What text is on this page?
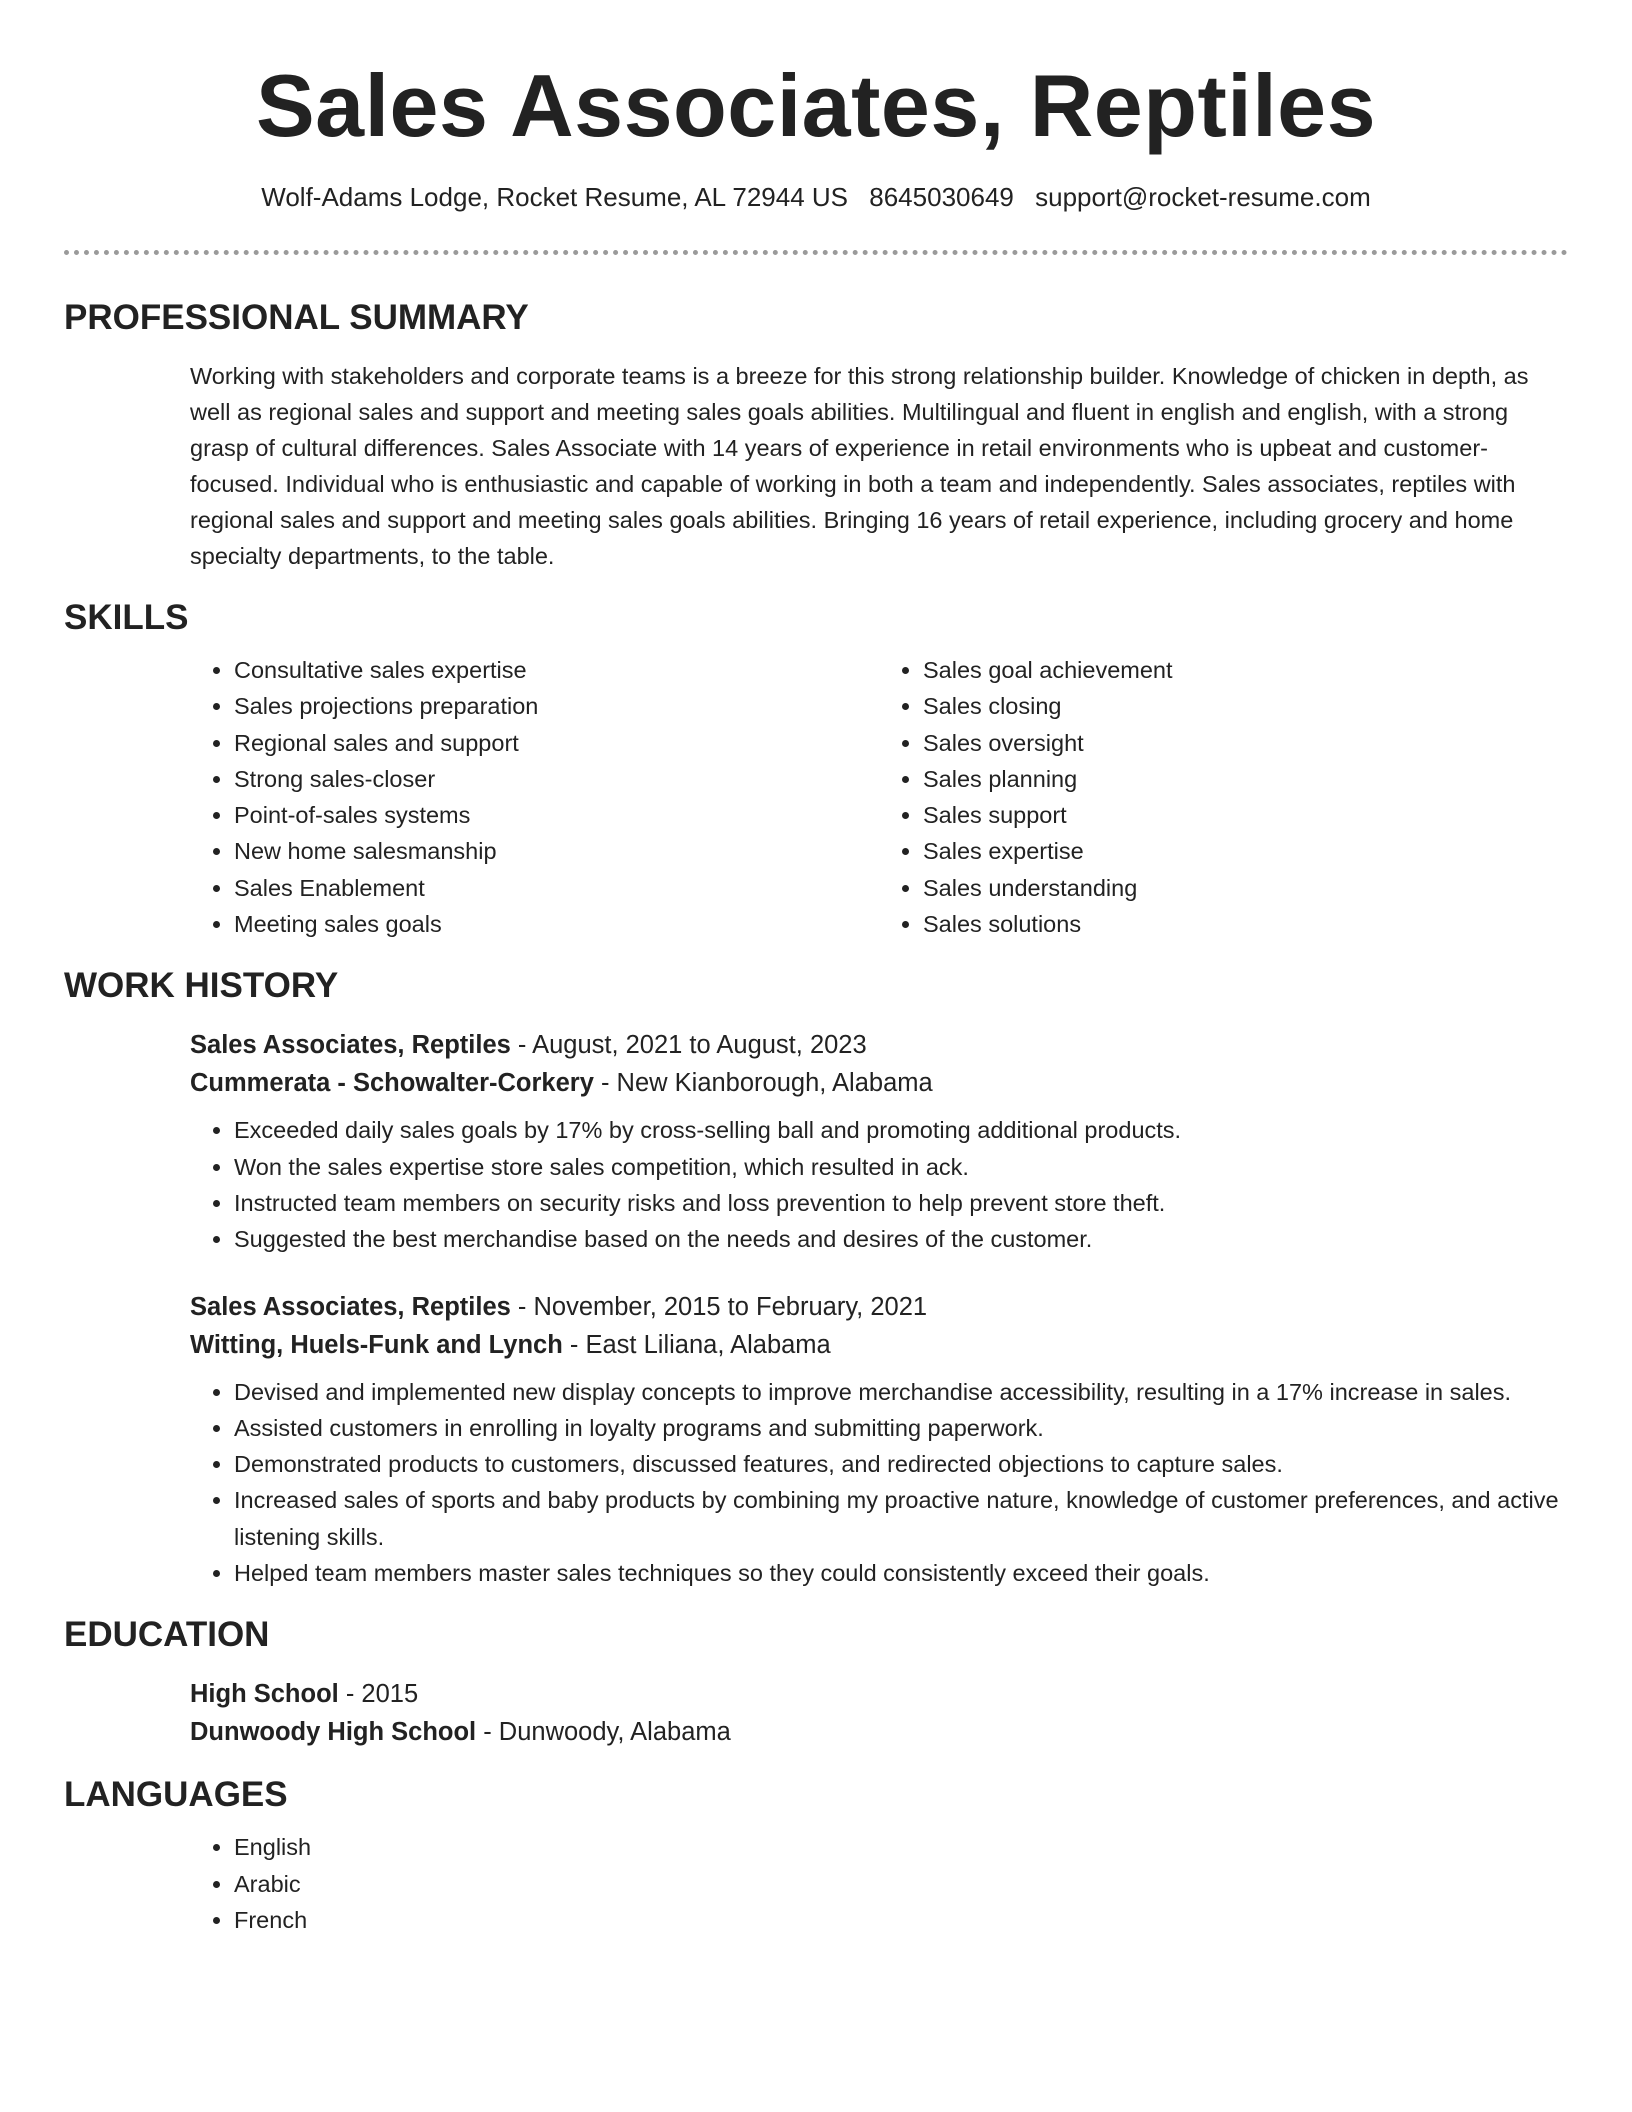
Sales Associates, Reptiles
Wolf-Adams Lodge, Rocket Resume, AL 72944 US 8645030649 support@rocket-resume.com
PROFESSIONAL SUMMARY

Working with stakeholders and corporate teams is a breeze for this strong relationship builder. Knowledge of chicken in depth, as well as regional sales and support and meeting sales goals abilities. Multilingual and fluent in english and english, with a strong grasp of cultural differences. Sales Associate with 14 years of experience in retail environments who is upbeat and customer-focused. Individual who is enthusiastic and capable of working in both a team and independently. Sales associates, reptiles with regional sales and support and meeting sales goals abilities. Bringing 16 years of retail experience, including grocery and home specialty departments, to the table.

SKILLS
• Consultative sales expertise
• Sales projections preparation
• Regional sales and support
• Strong sales-closer
• Point-of-sales systems
• New home salesmanship
• Sales Enablement
• Meeting sales goals
• Sales goal achievement
• Sales closing
• Sales oversight
• Sales planning
• Sales support
• Sales expertise
• Sales understanding
• Sales solutions
WORK HISTORY
Sales Associates, Reptiles - August, 2021 to August, 2023
Cummerata - Schowalter-Corkery - New Kianborough, Alabama
• Exceeded daily sales goals by 17% by cross-selling ball and promoting additional products.
• Won the sales expertise store sales competition, which resulted in ack.
• Instructed team members on security risks and loss prevention to help prevent store theft.
• Suggested the best merchandise based on the needs and desires of the customer.
Sales Associates, Reptiles - November, 2015 to February, 2021
Witting, Huels-Funk and Lynch - East Liliana, Alabama
• Devised and implemented new display concepts to improve merchandise accessibility, resulting in a 17% increase in sales.
• Assisted customers in enrolling in loyalty programs and submitting paperwork.
• Demonstrated products to customers, discussed features, and redirected objections to capture sales.
• Increased sales of sports and baby products by combining my proactive nature, knowledge of customer preferences, and active listening skills.
• Helped team members master sales techniques so they could consistently exceed their goals.
EDUCATION
High School - 2015
Dunwoody High School - Dunwoody, Alabama
LANGUAGES
• English
• Arabic
• French
